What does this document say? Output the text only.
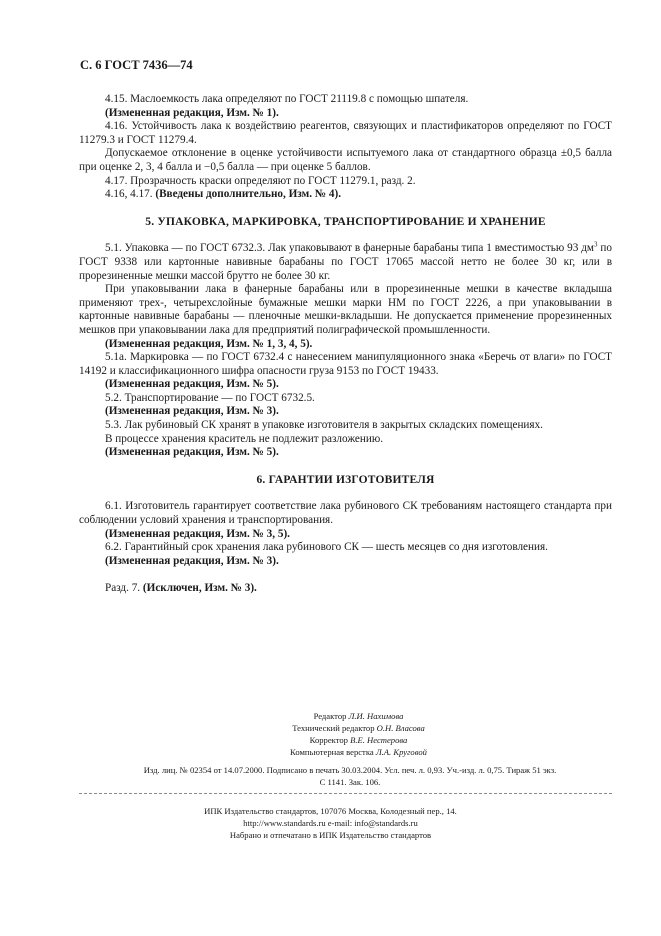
С. 6 ГОСТ 7436—74

4.15. Маслоемкость лака определяют по ГОСТ 21119.8 с помощью шпателя.

(Измененная редакция, Изм. № 1).

4.16. Устойчивость лака к воздействию реагентов, связующих и пластификаторов определяют по ГОСТ 11279.3 и ГОСТ 11279.4.

Допускаемое отклонение в оценке устойчивости испытуемого лака от стандартного образца ±0,5 балла при оценке 2, 3, 4 балла и −0,5 балла — при оценке 5 баллов.

4.17. Прозрачность краски определяют по ГОСТ 11279.1, разд. 2.

4.16, 4.17. (Введены дополнительно, Изм. № 4).

5. УПАКОВКА, МАРКИРОВКА, ТРАНСПОРТИРОВАНИЕ И ХРАНЕНИЕ

5.1. Упаковка — по ГОСТ 6732.3. Лак упаковывают в фанерные барабаны типа 1 вместимостью 93 $дм^3$ по ГОСТ 9338 или картонные навивные барабаны по ГОСТ 17065 массой нетто не более 30 кг, или в прорезиненные мешки массой брутто не более 30 кг.

При упаковывании лака в фанерные барабаны или в прорезиненные мешки в качестве вкладыша применяют трех-, четырехслойные бумажные мешки марки НМ по ГОСТ 2226, а при упаковывании в картонные навивные барабаны — пленочные мешки-вкладыши. Не допускается применение прорезиненных мешков при упаковывании лака для предприятий полиграфической промышленности.

(Измененная редакция, Изм. № 1, 3, 4, 5).

5.1а. Маркировка — по ГОСТ 6732.4 с нанесением манипуляционного знака «Беречь от влаги» по ГОСТ 14192 и классификационного шифра опасности груза 9153 по ГОСТ 19433.

(Измененная редакция, Изм. № 5).

5.2. Транспортирование — по ГОСТ 6732.5.

(Измененная редакция, Изм. № 3).

5.3. Лак рубиновый СК хранят в упаковке изготовителя в закрытых складских помещениях.

В процессе хранения краситель не подлежит разложению.

(Измененная редакция, Изм. № 5).

6. ГАРАНТИИ ИЗГОТОВИТЕЛЯ

6.1. Изготовитель гарантирует соответствие лака рубинового СК требованиям настоящего стандарта при соблюдении условий хранения и транспортирования.

(Измененная редакция, Изм. № 3, 5).

6.2. Гарантийный срок хранения лака рубинового СК — шесть месяцев со дня изготовления.

(Измененная редакция, Изм. № 3).

Разд. 7. (Исключен, Изм. № 3).

Редактор Л.И. Нахимова
Технический редактор О.Н. Власова
Корректор В.Е. Нестерова
Компьютерная верстка Л.А. Круговой
Изд. лиц. № 02354 от 14.07.2000. Подписано в печать 30.03.2004. Усл. печ. л. 0,93. Уч.-изд. л. 0,75. Тираж 51 экз.
С 1141. Зак. 106.
ИПК Издательство стандартов, 107076 Москва, Колодезный пер., 14.
http://www.standards.ru e-mail: info@standards.ru
Набрано и отпечатано в ИПК Издательство стандартов
